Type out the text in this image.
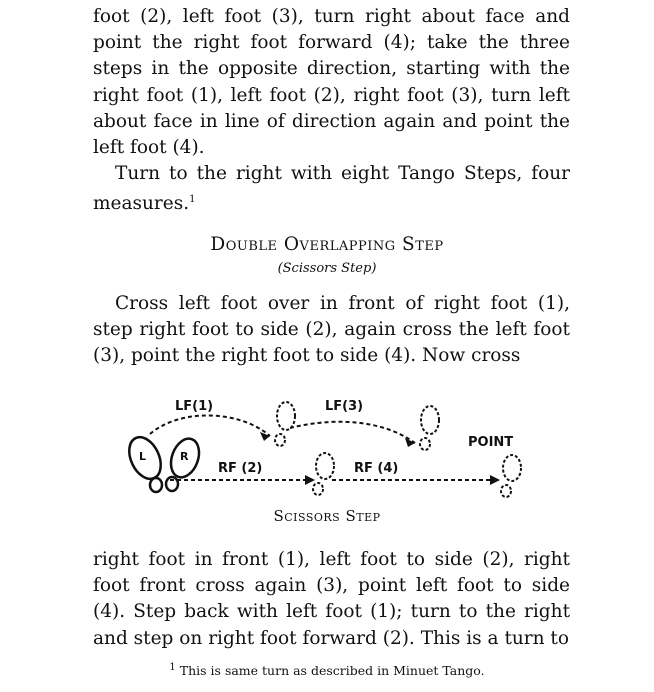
foot (2), left foot (3), turn right about face and point the right foot forward (4); take the three steps in the opposite direction, starting with the right foot (1), left foot (2), right foot (3), turn left about face in line of direction again and point the left foot (4).

Turn to the right with eight Tango Steps, four measures.$^1$

Double Overlapping Step

(Scissors Step)

Cross left foot over in front of right foot (1), step right foot to side (2), again cross the left foot (3), point the right foot to side (4). Now cross

L	R
LF(1)	LF(3)
RF (2)	RF (4)
POINT
Scissors Step

right foot in front (1), left foot to side (2), right foot front cross again (3), point left foot to side (4). Step back with left foot (1); turn to the right and step on right foot forward (2). This is a turn to

$^1$ This is same turn as described in Minuet Tango.
